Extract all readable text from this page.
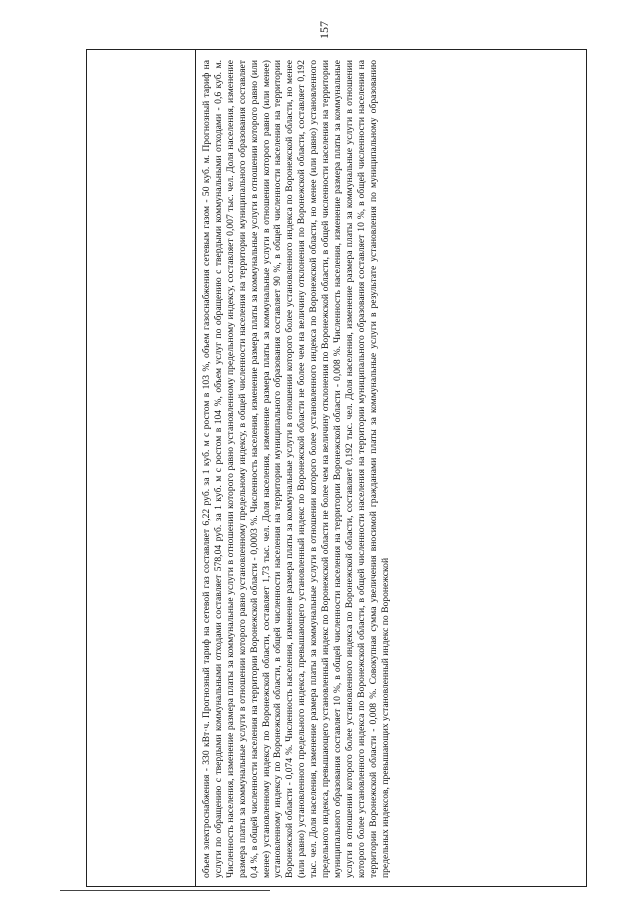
157
объем электроснабжения - 330 кВт·ч. Прогнозный тариф на сетевой газ составляет 6,22 руб. за 1 куб. м с ростом в 103 %, объем газоснабжения сетевым газом - 50 куб. м. Прогнозный тариф на услуги по обращению с твердыми коммунальными отходами составляет 578,04 руб. за 1 куб. м с ростом в 104 %, объем услуг по обращению с твердыми коммунальными отходами - 0,6 куб. м. Численность населения, изменение размера платы за коммунальные услуги в отношении которого равно установленному предельному индексу, составляет 0,007 тыс. чел. Доля населения, изменение размера платы за коммунальные услуги в отношении которого равно установленному предельному индексу, в общей численности населения на территории муниципального образования составляет 0,4 %, в общей численности населения на территории Воронежской области - 0,0003 %. Численность населения, изменение размера платы за коммунальные услуги в отношении которого равно (или менее) установленному индексу по Воронежской области, составляет 1,73 тыс. чел. Доля населения, изменение размера платы за коммунальные услуги в отношении которого равно (или менее) установленному индексу по Воронежской области, в общей численности населения на территории муниципального образования составляет 90 %, в общей численности населения на территории Воронежской области - 0,074 %. Численность населения, изменение размера платы за коммунальные услуги в отношении которого более установленного индекса по Воронежской области, но менее (или равно) установленного предельного индекса, превышающего установленный индекс по Воронежской области не более чем на величину отклонения по Воронежской области, составляет 0,192 тыс. чел. Доля населения, изменение размера платы за коммунальные услуги в отношении которого более установленного индекса по Воронежской области, но менее (или равно) установленного предельного индекса, превышающего установленный индекс по Воронежской области не более чем на величину отклонения по Воронежской области, в общей численности населения на территории муниципального образования составляет 10 %, в общей численности населения на территории Воронежской области - 0,008 %. Численность населения, изменение размера платы за коммунальные услуги в отношении которого более установленного индекса по Воронежской области, составляет 0,192 тыс. чел. Доля населения, изменение размера платы за коммунальные услуги в отношении которого более установленного индекса по Воронежской области, в общей численности населения на территории муниципального образования составляет 10 %, в общей численности населения на территории Воронежской области - 0,008 %. Совокупная сумма увеличения вносимой гражданами платы за коммунальные услуги в результате установления по муниципальному образованию предельных индексов, превышающих установленный индекс по Воронежской
